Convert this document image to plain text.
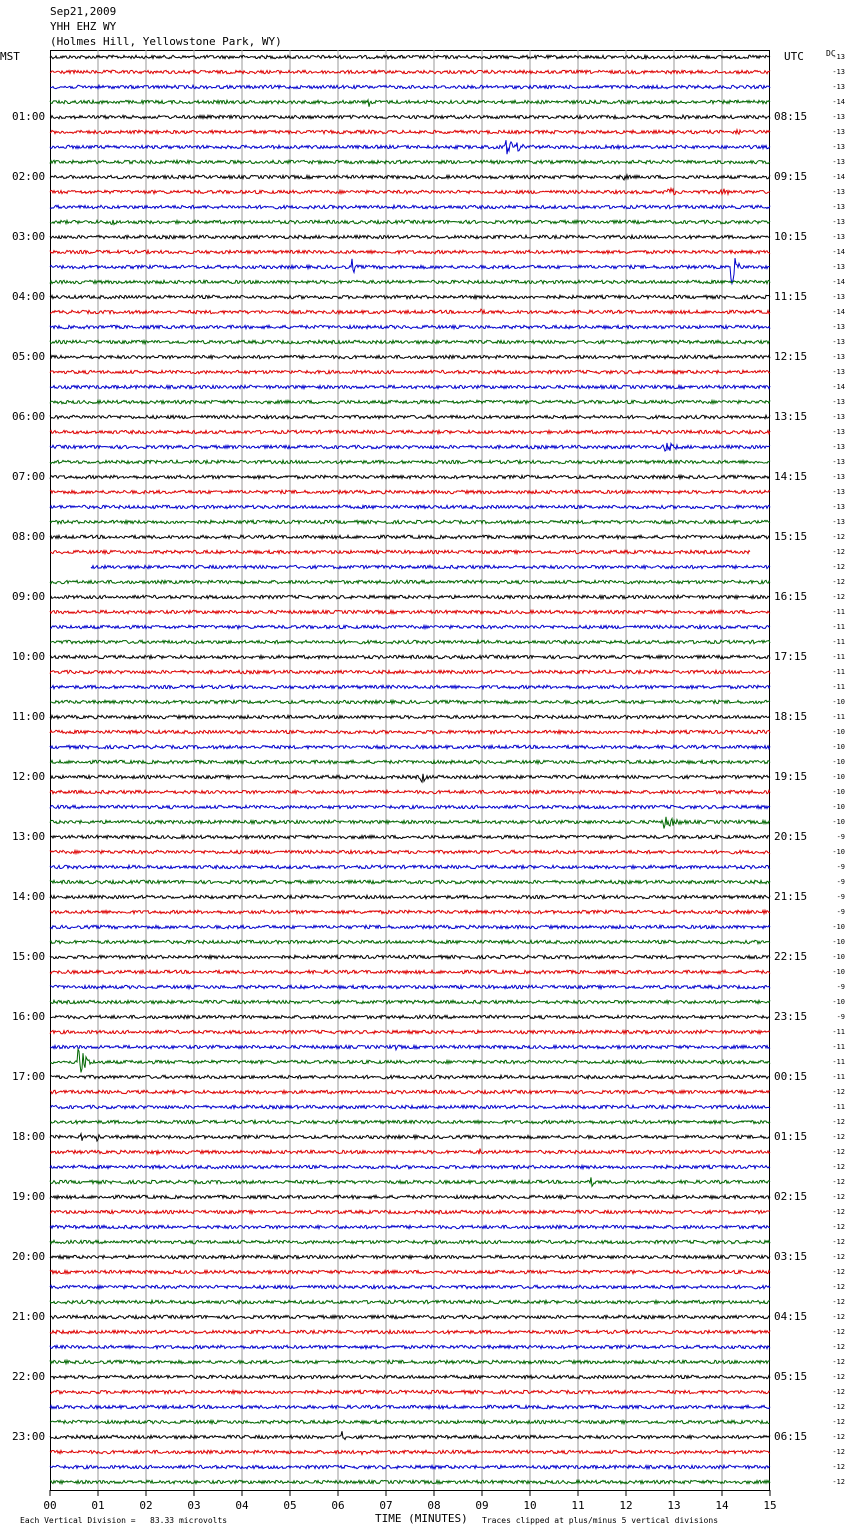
00	01	02	03	04	05	06	07	08	09	10	11	12	13	14	15
Sep21,2009
YHH EHZ WY
(Holmes Hill, Yellowstone Park, WY)
MST	UTC	DC
TIME (MINUTES)
Each Vertical Division =   83.33 microvolts	Traces clipped at plus/minus 5 vertical divisions
01:00
02:00
03:00
04:00
05:00
06:00
07:00
08:00
09:00
10:00
11:00
12:00
13:00
14:00
15:00
16:00
17:00
18:00
19:00
20:00
21:00
22:00
23:00
08:15
09:15
10:15
11:15
12:15
13:15
14:15
15:15
16:15
17:15
18:15
19:15
20:15
21:15
22:15
23:15
00:15
01:15
02:15
03:15
04:15
05:15
06:15
-13
-13
-13
-14
-13
-13
-13
-13
-14
-13
-13
-13
-13
-14
-13
-14
-13
-14
-13
-13
-13
-13
-14
-13
-13
-13
-13
-13
-13
-13
-13
-13
-12
-12
-12
-12
-12
-11
-11
-11
-11
-11
-11
-10
-11
-10
-10
-10
-10
-10
-10
-10
-9
-10
-9
-9
-9
-9
-10
-10
-10
-10
-9
-10
-9
-11
-11
-11
-11
-12
-11
-12
-12
-12
-12
-12
-12
-12
-12
-12
-12
-12
-12
-12
-12
-12
-12
-12
-12
-12
-12
-12
-12
-12
-12
-12
